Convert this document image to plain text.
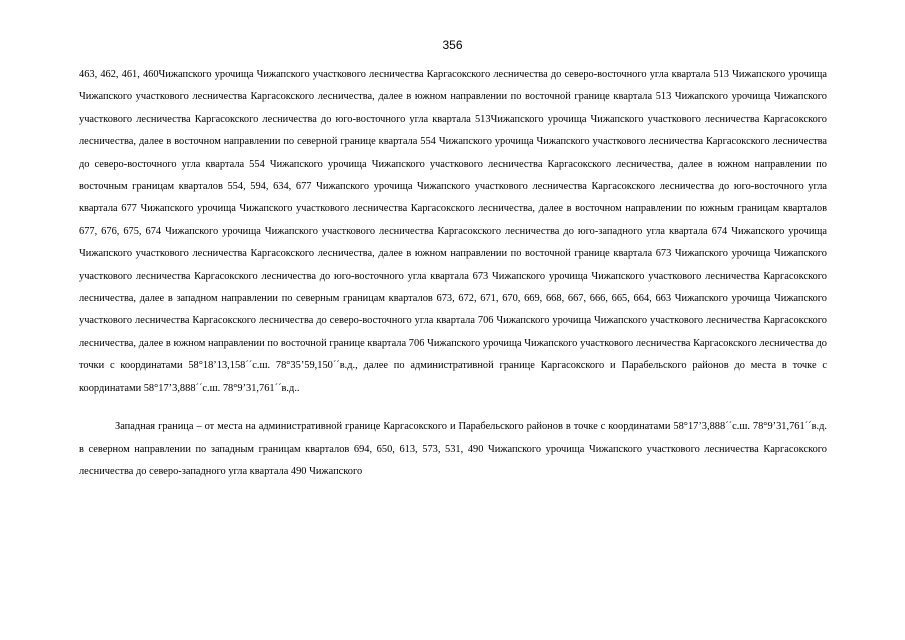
356

463, 462, 461, 460Чижапского урочища Чижапского участкового лесничества Каргасокского лесничества до северо-восточного угла квартала 513 Чижапского урочища Чижапского участкового лесничества Каргасокского лесничества, далее в южном направлении по восточной границе квартала 513 Чижапского урочища Чижапского участкового лесничества Каргасокского лесничества до юго-восточного угла квартала 513Чижапского урочища Чижапского участкового лесничества Каргасокского лесничества, далее в восточном направлении по северной границе квартала 554 Чижапского урочища Чижапского участкового лесничества Каргасокского лесничества до северо-восточного угла квартала 554 Чижапского урочища Чижапского участкового лесничества Каргасокского лесничества, далее в южном направлении по восточным границам кварталов 554, 594, 634, 677 Чижапского урочища Чижапского участкового лесничества Каргасокского лесничества до юго-восточного угла квартала 677 Чижапского урочища Чижапского участкового лесничества Каргасокского лесничества, далее в восточном направлении по южным границам кварталов 677, 676, 675, 674 Чижапского урочища Чижапского участкового лесничества Каргасокского лесничества до юго-западного угла квартала 674 Чижапского урочища Чижапского участкового лесничества Каргасокского лесничества, далее в южном направлении по восточной границе квартала 673 Чижапского урочища Чижапского участкового лесничества Каргасокского лесничества до юго-восточного угла квартала 673 Чижапского урочища Чижапского участкового лесничества Каргасокского лесничества, далее в западном направлении по северным границам кварталов 673, 672, 671, 670, 669, 668, 667, 666, 665, 664, 663 Чижапского урочища Чижапского участкового лесничества Каргасокского лесничества до северо-восточного угла квартала 706 Чижапского урочища Чижапского участкового лесничества Каргасокского лесничества, далее в южном направлении по восточной границе квартала 706 Чижапского урочища Чижапского участкового лесничества Каргасокского лесничества до точки с координатами 58°18’13,158´´с.ш. 78°35’59,150´´в.д., далее по административной границе Каргасокского и Парабельского районов до места в точке с координатами 58°17’3,888´´с.ш. 78°9’31,761´´в.д..

Западная граница – от места на административной границе Каргасокского и Парабельского районов в точке с координатами 58°17’3,888´´с.ш. 78°9’31,761´´в.д. в северном направлении по западным границам кварталов 694, 650, 613, 573, 531, 490 Чижапского урочища Чижапского участкового лесничества Каргасокского лесничества до северо-западного угла квартала 490 Чижапского
